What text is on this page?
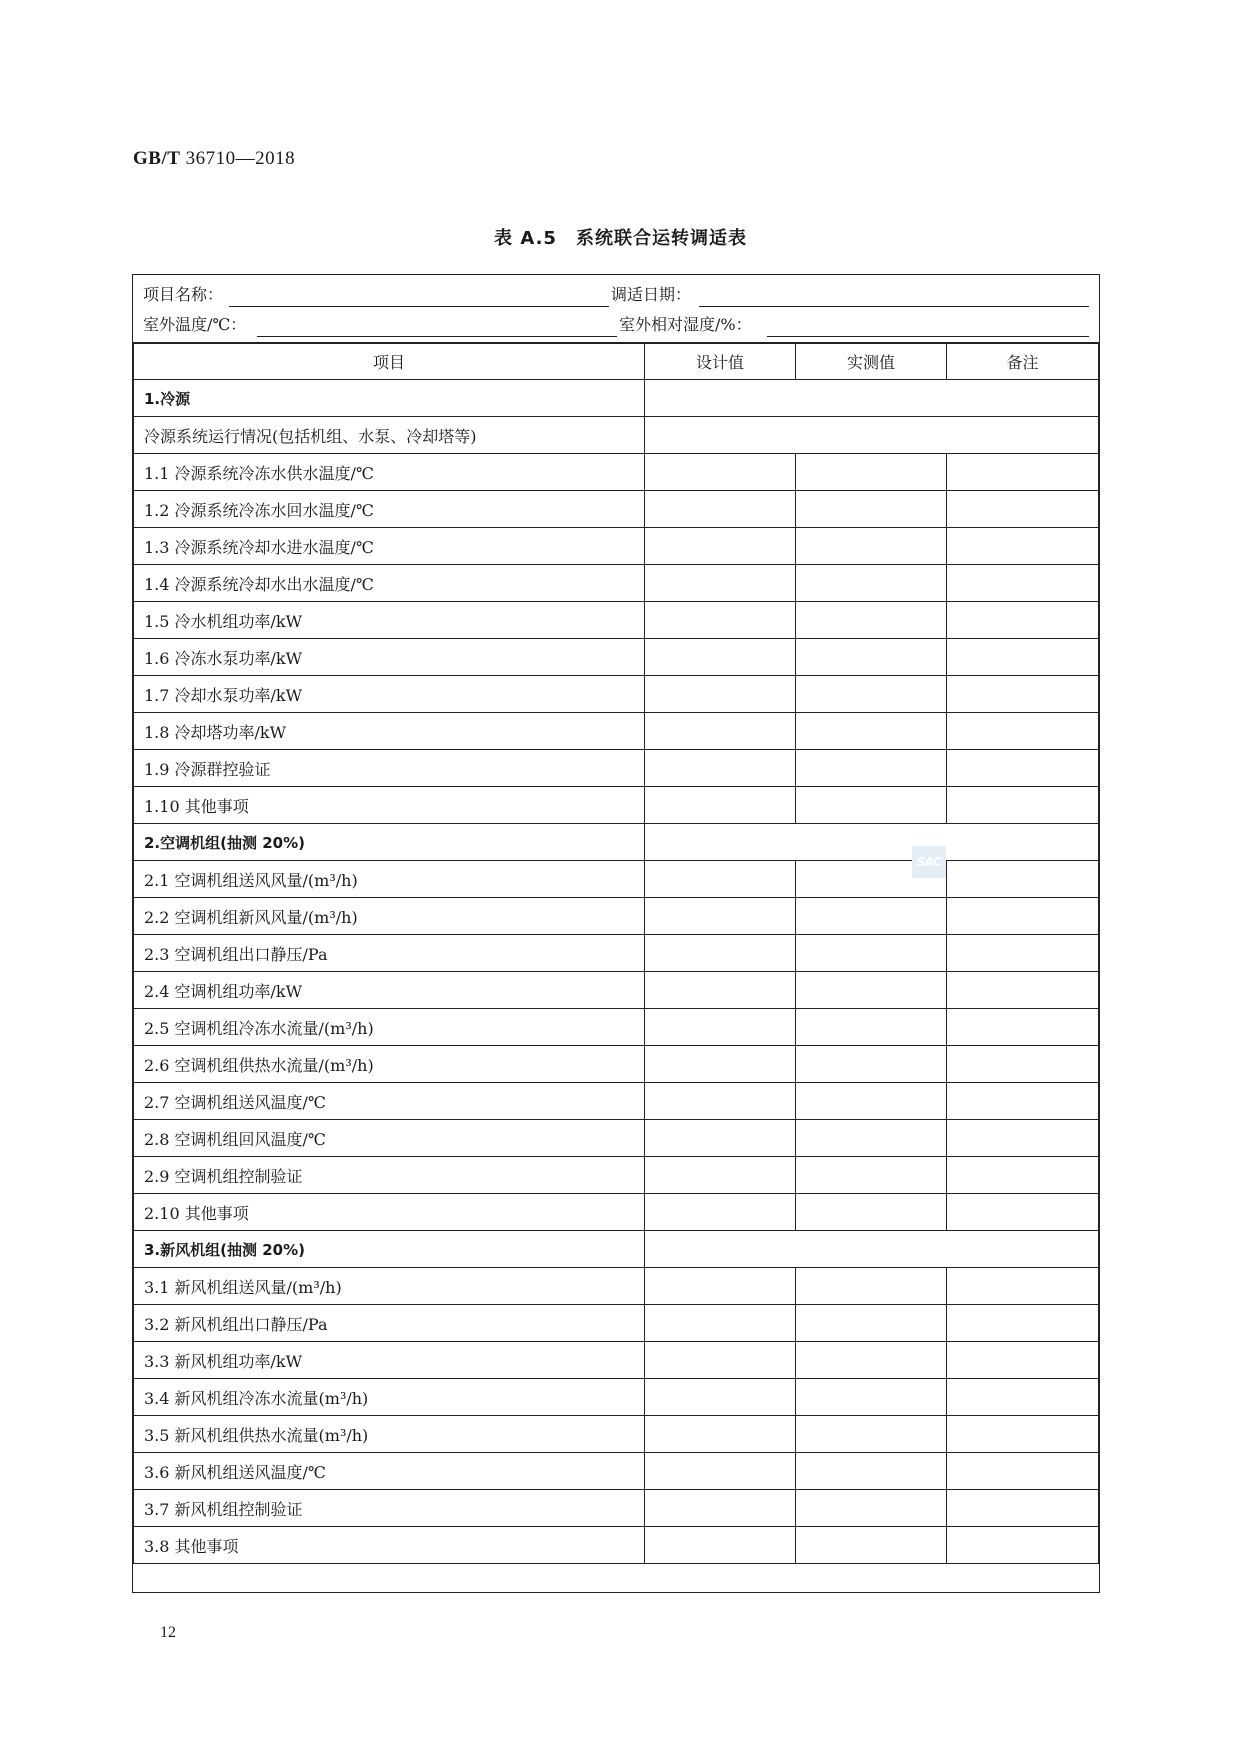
GB/T 36710—2018
表 A.5　系统联合运转调适表
项目名称：	调适日期：
室外温度/℃：	室外相对湿度/%：
项目	设计值	实测值	备注
1.冷源			
冷源系统运行情况(包括机组、水泵、冷却塔等)			
1.1 冷源系统冷冻水供水温度/℃			
1.2 冷源系统冷冻水回水温度/℃			
1.3 冷源系统冷却水进水温度/℃			
1.4 冷源系统冷却水出水温度/℃			
1.5 冷水机组功率/kW			
1.6 冷冻水泵功率/kW			
1.7 冷却水泵功率/kW			
1.8 冷却塔功率/kW			
1.9 冷源群控验证			
1.10 其他事项			
2.空调机组(抽测 20%)			
2.1 空调机组送风风量/(m³/h)			
2.2 空调机组新风风量/(m³/h)			
2.3 空调机组出口静压/Pa			
2.4 空调机组功率/kW			
2.5 空调机组冷冻水流量/(m³/h)			
2.6 空调机组供热水流量/(m³/h)			
2.7 空调机组送风温度/℃			
2.8 空调机组回风温度/℃			
2.9 空调机组控制验证			
2.10 其他事项			
3.新风机组(抽测 20%)			
3.1 新风机组送风量/(m³/h)			
3.2 新风机组出口静压/Pa			
3.3 新风机组功率/kW			
3.4 新风机组冷冻水流量(m³/h)			
3.5 新风机组供热水流量(m³/h)			
3.6 新风机组送风温度/℃			
3.7 新风机组控制验证			
3.8 其他事项			
SAC
12
